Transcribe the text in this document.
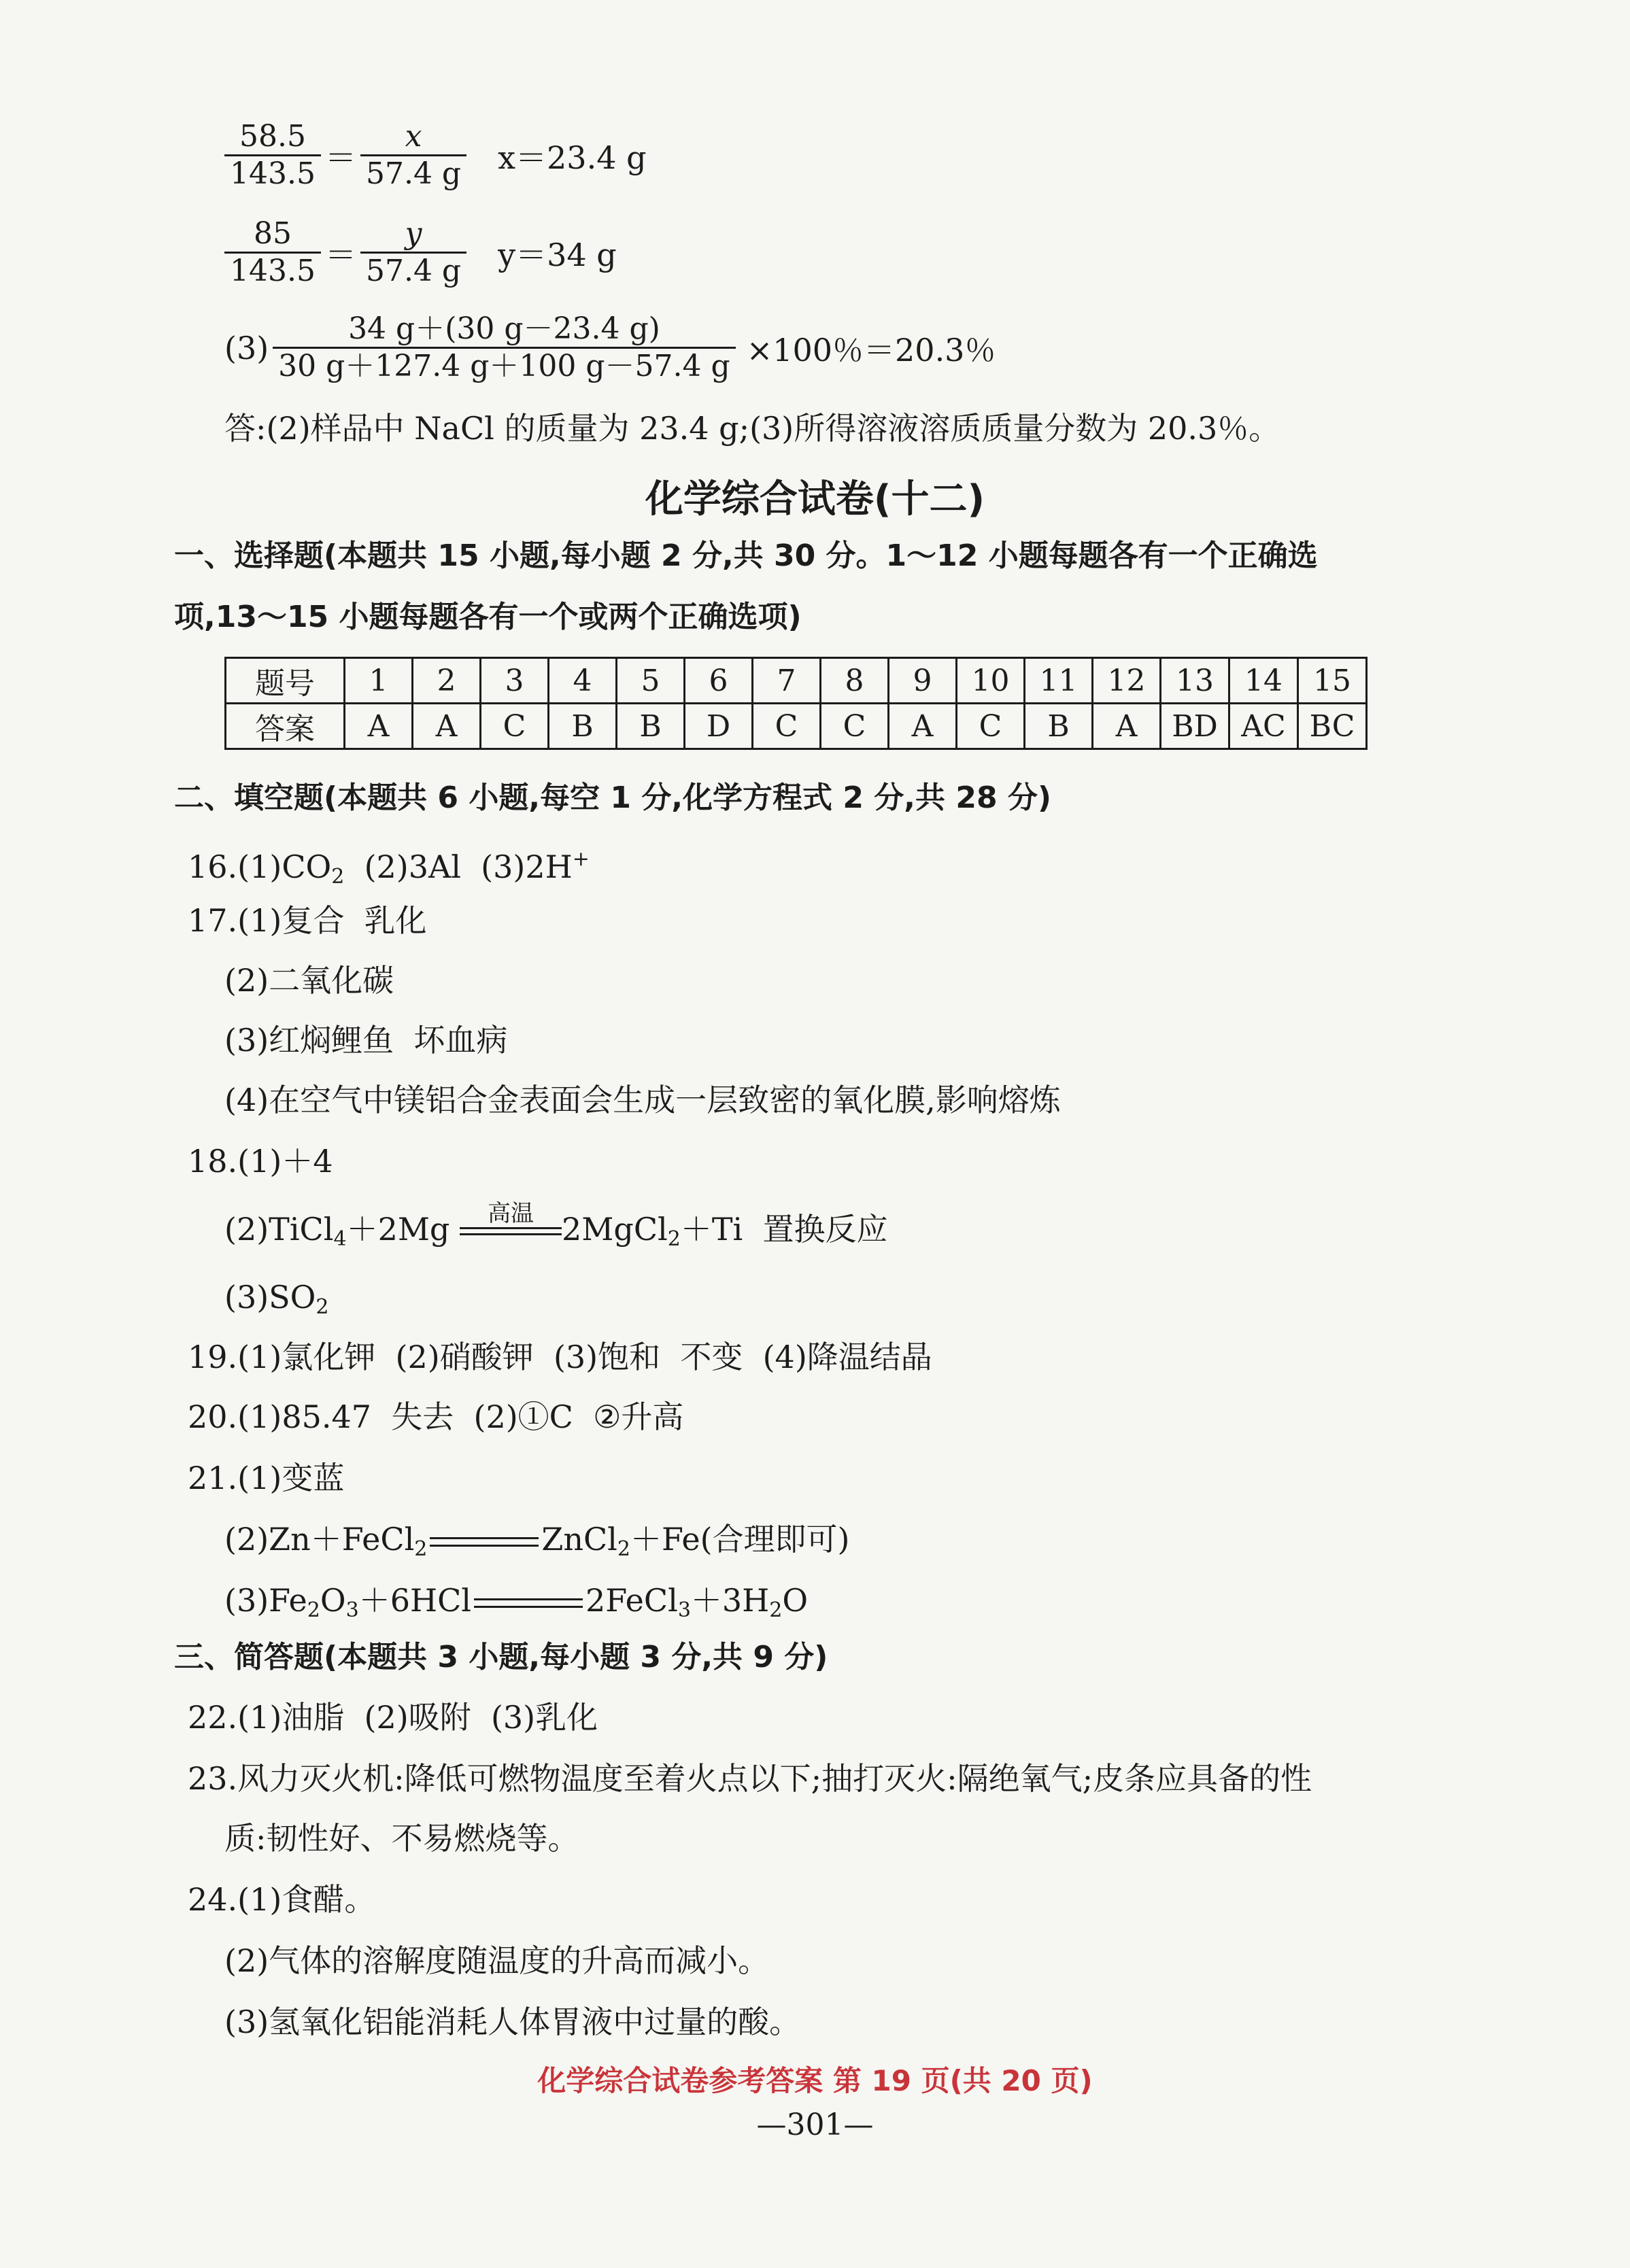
$\frac{58.5}{143.5} = \frac{x}{57.4 g} x=23.4$ g
$\frac{85}{143.5} = \frac{y}{57.4 g} y=34$ g
$(3) \frac{34 g+(30 g-23.4 g)}{30 g+127.4 g+100 g-57.4 g} \times 100$％＝20.3％
答:(2)样品中 NaCl 的质量为 23.4 g;(3)所得溶液溶质质量分数为 20.3％。
化学综合试卷(十二)
一、选择题(本题共 15 小题,每小题 2 分,共 30 分。1～12 小题每题各有一个正确选
项,13～15 小题每题各有一个或两个正确选项)
题号	1	2	3	4	5	6	7	8	9	10	11	12	13	14	15
答案	A	A	C	B	B	D	C	C	A	C	B	A	BD	AC	BC
二、填空题(本题共 6 小题,每空 1 分,化学方程式 2 分,共 28 分)
$16.(1)CO_2$  (2)3Al  (3)2H+
17.(1)复合  乳化
(2)二氧化碳
(3)红焖鲤鱼  坏血病
(4)在空气中镁铝合金表面会生成一层致密的氧化膜,影响熔炼
18.(1)＋4
(2)TiCl$_4$＋2Mg	高温 2MgCl$_2$＋Ti  置换反应
$(3)SO_2$
19.(1)氯化钾  (2)硝酸钾  (3)饱和  不变  (4)降温结晶
20.(1)85.47  失去  (2)①C  ②升高
21.(1)变蓝
(2)Zn＋FeCl$_2$	ZnCl$_2$＋Fe(合理即可)
$(3)Fe_2O_3+6HCl$	$2FeCl_3+3H_2O$
三、简答题(本题共 3 小题,每小题 3 分,共 9 分)
22.(1)油脂  (2)吸附  (3)乳化
23.风力灭火机:降低可燃物温度至着火点以下;抽打灭火:隔绝氧气;皮条应具备的性
质:韧性好、不易燃烧等。
24.(1)食醋。
(2)气体的溶解度随温度的升高而减小。
(3)氢氧化铝能消耗人体胃液中过量的酸。
化学综合试卷参考答案 第 19 页(共 20 页)
—301—
